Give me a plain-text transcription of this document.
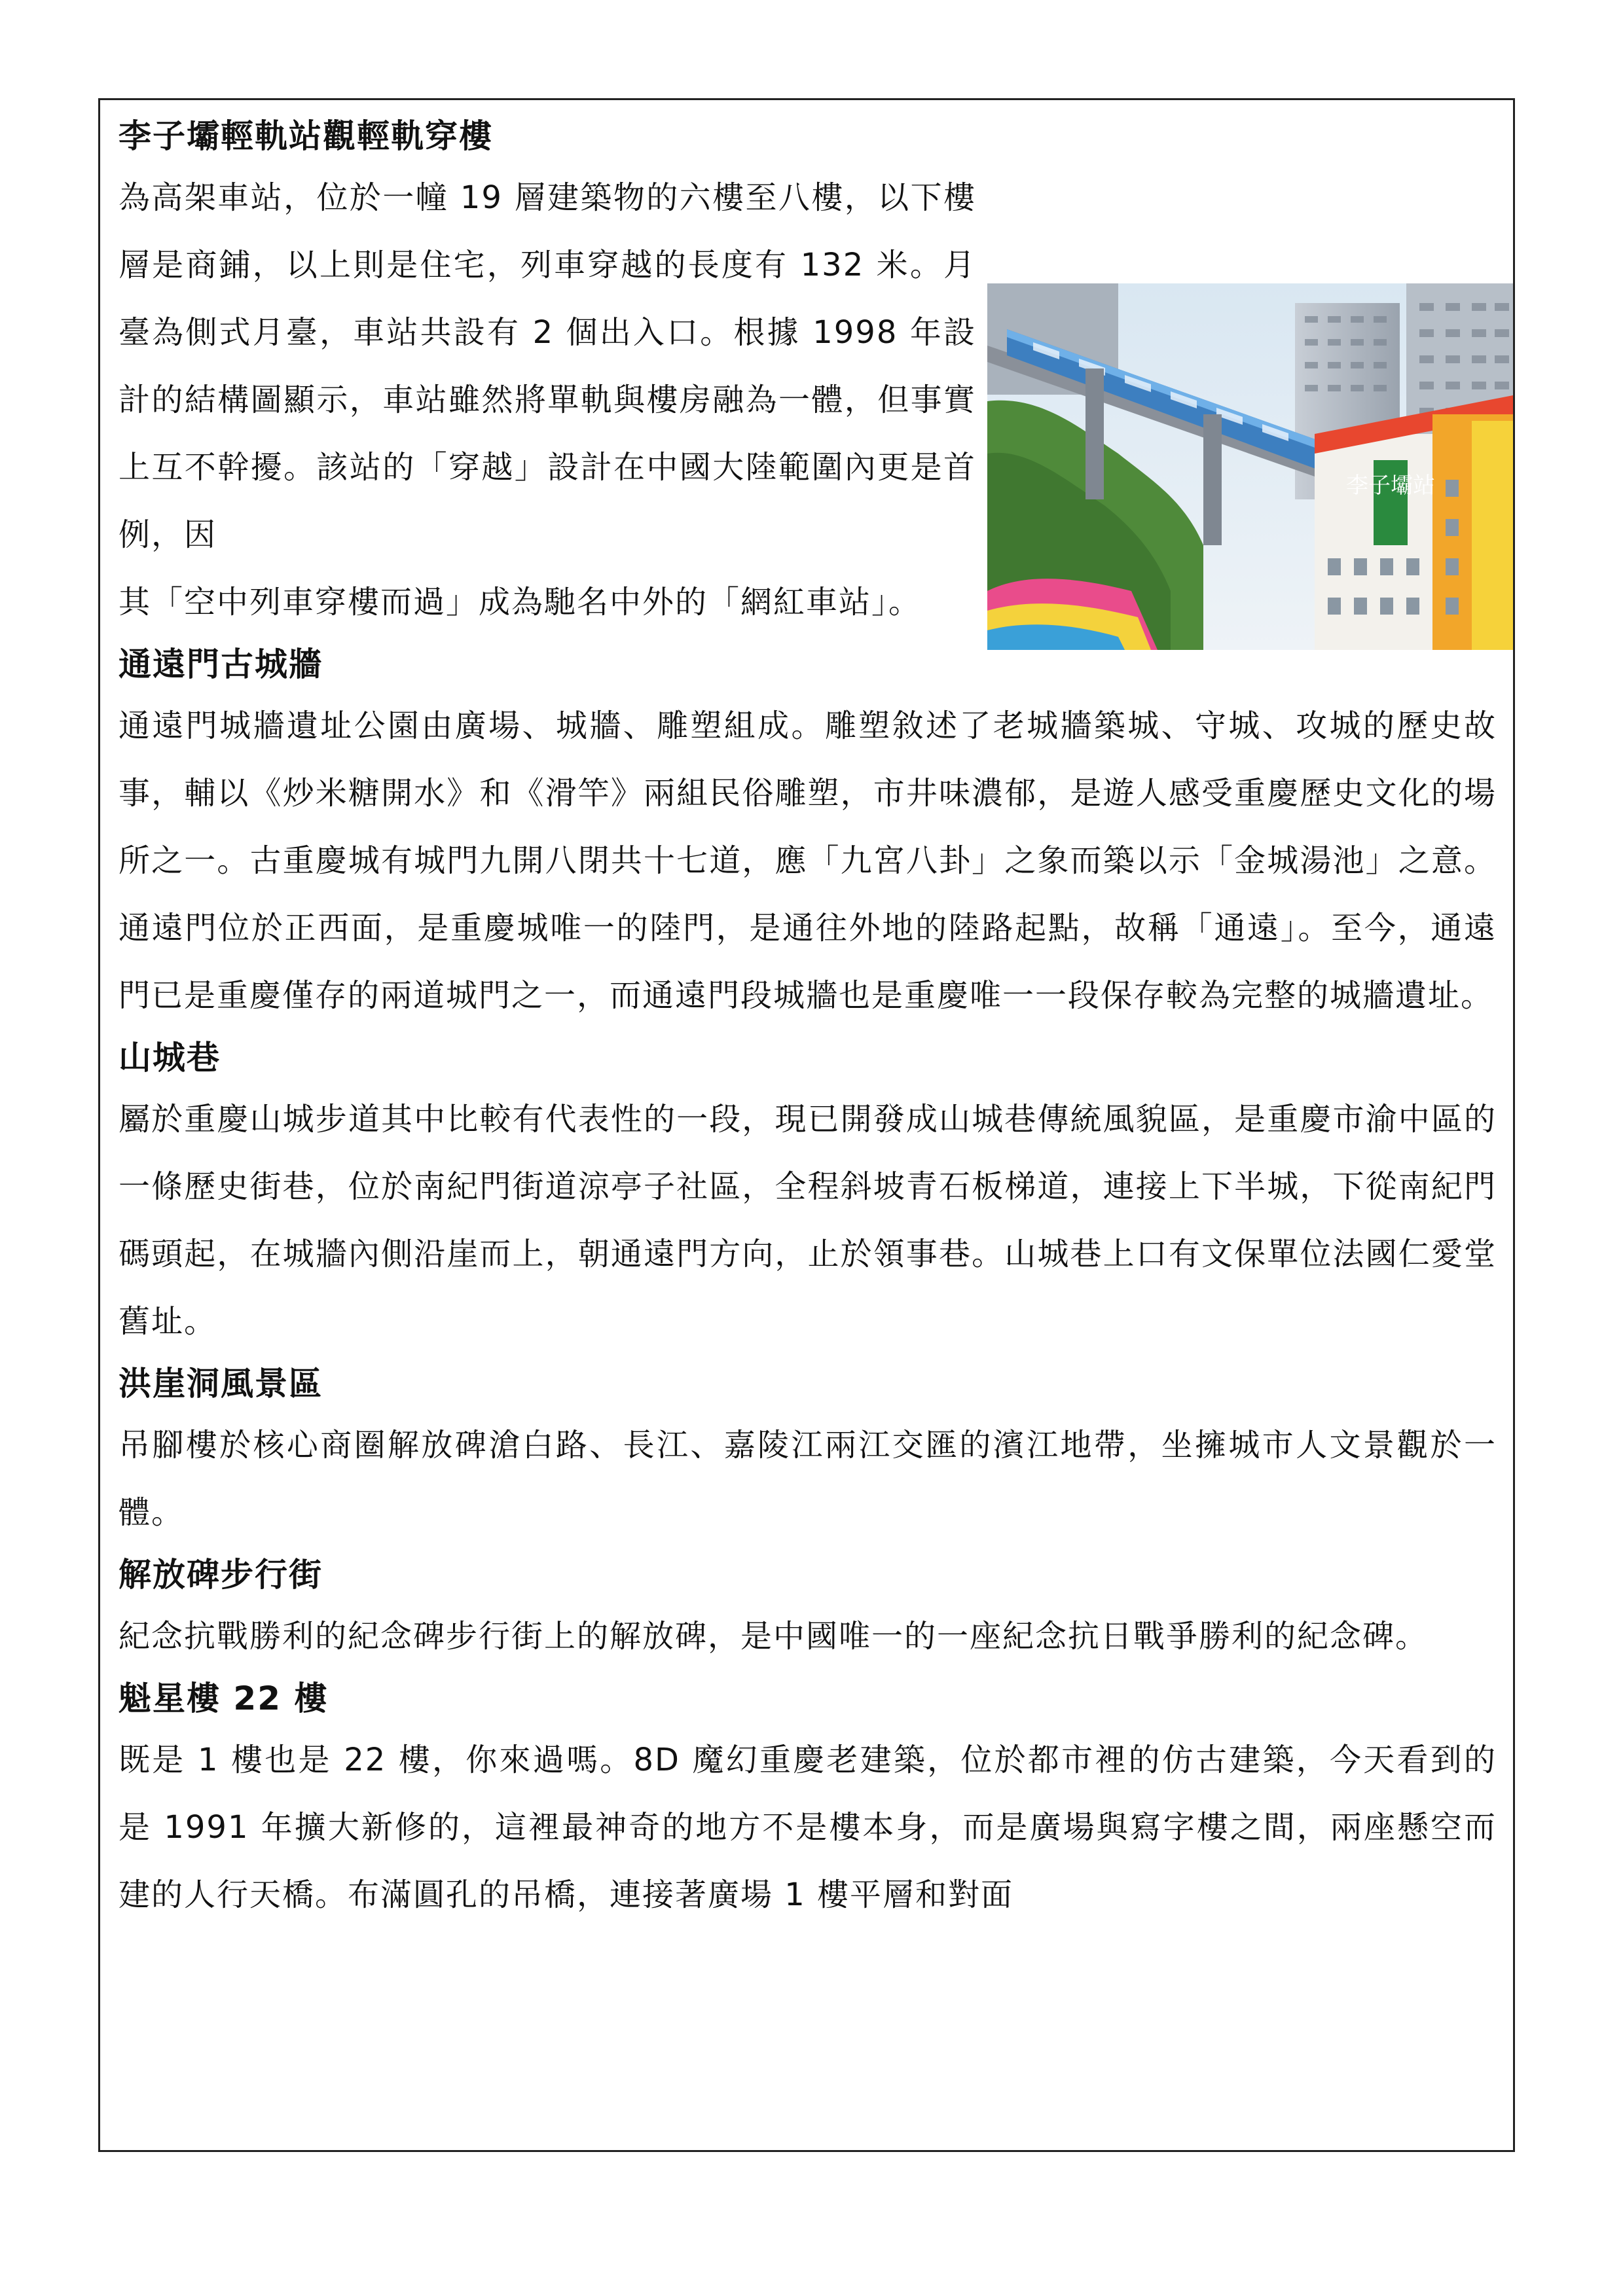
李子壩輕軌站觀輕軌穿樓

為高架車站，位於一幢 19 層建築物的六樓至八樓，以下樓層是商鋪，以上則是住宅，列車穿越的長度有 132 米。月臺為側式月臺，車站共設有 2 個出入口。根據 1998 年設計的結構圖顯示，車站雖然將單軌與樓房融為一體，但事實上互不幹擾。該站的「穿越」設計在中國大陸範圍內更是首例，因

其「空中列車穿樓而過」成為馳名中外的「網紅車站」。

通遠門古城牆

通遠門城牆遺址公園由廣場、城牆、雕塑組成。雕塑敘述了老城牆築城、守城、攻城的歷史故事，輔以《炒米糖開水》和《滑竿》兩組民俗雕塑，市井味濃郁，是遊人感受重慶歷史文化的場所之一。古重慶城有城門九開八閉共十七道，應「九宮八卦」之象而築以示「金城湯池」之意。通遠門位於正西面，是重慶城唯一的陸門，是通往外地的陸路起點，故稱「通遠」。至今，通遠門已是重慶僅存的兩道城門之一，而通遠門段城牆也是重慶唯一一段保存較為完整的城牆遺址。

山城巷

屬於重慶山城步道其中比較有代表性的一段，現已開發成山城巷傳統風貌區，是重慶市渝中區的一條歷史街巷，位於南紀門街道涼亭子社區，全程斜坡青石板梯道，連接上下半城，下從南紀門碼頭起，在城牆內側沿崖而上，朝通遠門方向，止於領事巷。山城巷上口有文保單位法國仁愛堂舊址。

洪崖洞風景區

吊腳樓於核心商圈解放碑滄白路、長江、嘉陵江兩江交匯的濱江地帶，坐擁城市人文景觀於一體。

解放碑步行街

紀念抗戰勝利的紀念碑步行街上的解放碑，是中國唯一的一座紀念抗日戰爭勝利的紀念碑。

魁星樓 22 樓

既是 1 樓也是 22 樓，你來過嗎。8D 魔幻重慶老建築，位於都市裡的仿古建築，今天看到的是 1991 年擴大新修的，這裡最神奇的地方不是樓本身，而是廣場與寫字樓之間，兩座懸空而建的人行天橋。布滿圓孔的吊橋，連接著廣場 1 樓平層和對面

李子壩站
